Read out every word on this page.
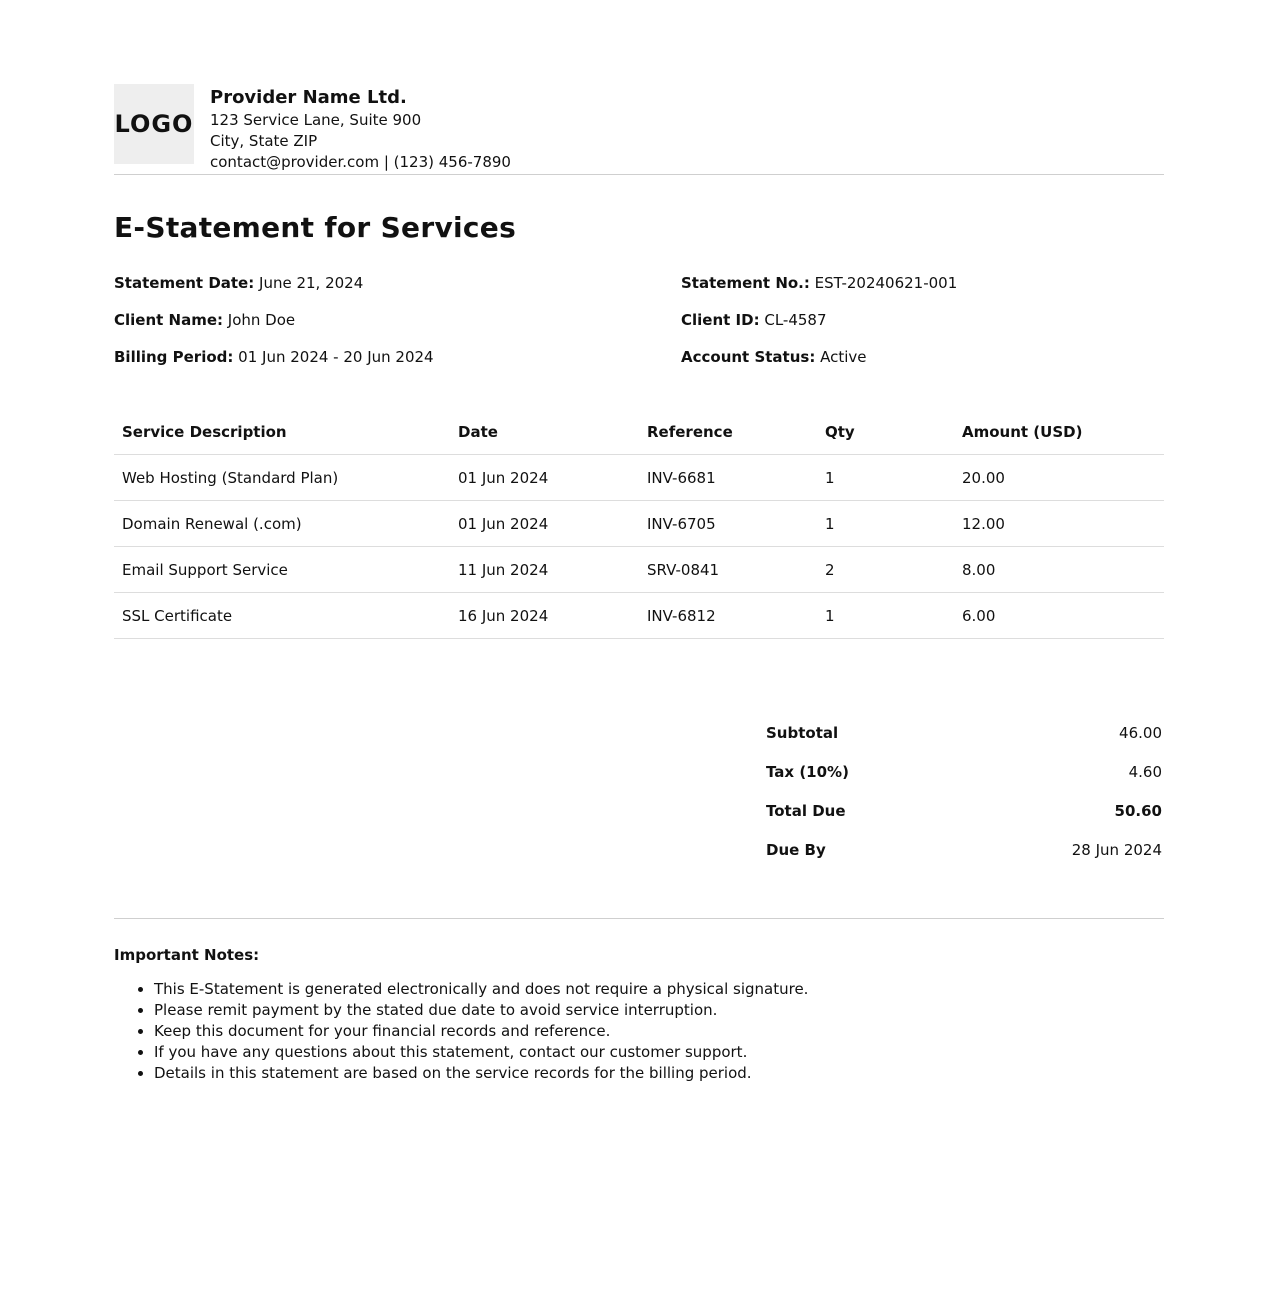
LOGO
Provider Name Ltd.
123 Service Lane, Suite 900
City, State ZIP
contact@provider.com | (123) 456-7890
E-Statement for Services
Statement Date: June 21, 2024	Statement No.: EST-20240621-001
Client Name: John Doe	Client ID: CL-4587
Billing Period: 01 Jun 2024 - 20 Jun 2024	Account Status: Active
Service Description	Date	Reference	Qty	Amount (USD)
Web Hosting (Standard Plan)	01 Jun 2024	INV-6681	1	20.00
Domain Renewal (.com)	01 Jun 2024	INV-6705	1	12.00
Email Support Service	11 Jun 2024	SRV-0841	2	8.00
SSL Certificate	16 Jun 2024	INV-6812	1	6.00
Subtotal	46.00
Tax (10%)	4.60
Total Due	50.60
Due By	28 Jun 2024
Important Notes:
• This E-Statement is generated electronically and does not require a physical signature.
• Please remit payment by the stated due date to avoid service interruption.
• Keep this document for your financial records and reference.
• If you have any questions about this statement, contact our customer support.
• Details in this statement are based on the service records for the billing period.
